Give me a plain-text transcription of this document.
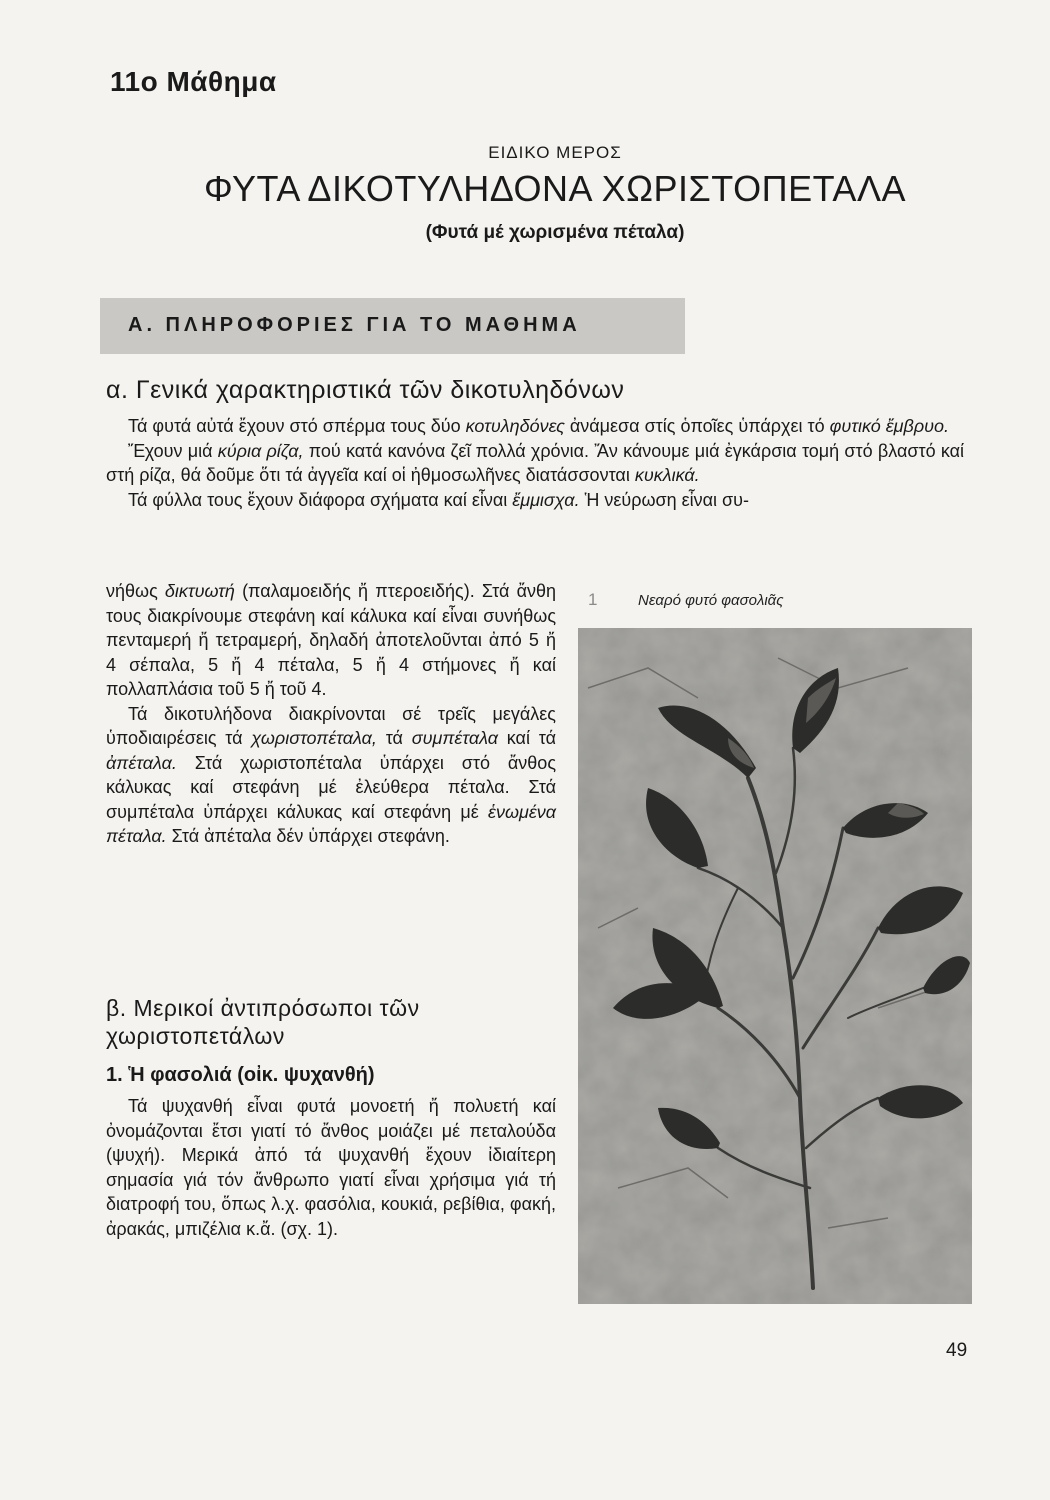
11ο Μάθημα
ΕΙΔΙΚΟ ΜΕΡΟΣ
ΦΥΤΑ ΔΙΚΟΤΥΛΗΔΟΝΑ ΧΩΡΙΣΤΟΠΕΤΑΛΑ
(Φυτά μέ χωρισμένα πέταλα)
Α. ΠΛΗΡΟΦΟΡΙΕΣ ΓΙΑ ΤΟ ΜΑΘΗΜΑ
α. Γενικά χαρακτηριστικά τῶν δικοτυληδόνων

Τά φυτά αὐτά ἔχουν στό σπέρμα τους δύο κοτυληδόνες ἀνάμεσα στίς ὁποῖες ὑπάρχει τό φυτικό ἔμβρυο.

Ἔχουν μιά κύρια ρίζα, πού κατά κανόνα ζεῖ πολλά χρόνια. Ἄν κάνουμε μιά ἐγκάρσια τομή στό βλαστό καί στή ρίζα, θά δοῦμε ὅτι τά ἀγγεῖα καί οἱ ἠθμοσωλῆνες διατάσσονται κυκλικά.

Τά φύλλα τους ἔχουν διάφορα σχήματα καί εἶναι ἔμμισχα. Ἡ νεύρωση εἶναι συ-

νήθως δικτυωτή (παλαμοειδής ἤ πτεροειδής). Στά ἄνθη τους διακρίνουμε στεφάνη καί κάλυκα καί εἶναι συνήθως πενταμερή ἤ τετραμερή, δηλαδή ἀποτελοῦνται ἀπό 5 ἤ 4 σέπαλα, 5 ἤ 4 πέταλα, 5 ἤ 4 στήμονες ἤ καί πολλαπλάσια τοῦ 5 ἤ τοῦ 4.

Τά δικοτυλήδονα διακρίνονται σέ τρεῖς μεγάλες ὑποδιαιρέσεις τά χωριστοπέταλα, τά συμπέταλα καί τά ἀπέταλα. Στά χωριστοπέταλα ὑπάρχει στό ἄνθος κάλυκας καί στεφάνη μέ ἐλεύθερα πέταλα. Στά συμπέταλα ὑπάρχει κάλυκας καί στεφάνη μέ ἑνωμένα πέταλα. Στά ἀπέταλα δέν ὑπάρχει στεφάνη.

β. Μερικοί ἀντιπρόσωποι τῶν χωριστοπετάλων
1. Ἡ φασολιά (οἰκ. ψυχανθή)

Τά ψυχανθή εἶναι φυτά μονοετή ἤ πολυετή καί ὀνομάζονται ἔτσι γιατί τό ἄνθος μοιάζει μέ πεταλούδα (ψυχή). Μερικά ἀπό τά ψυχανθή ἔχουν ἰδιαίτερη σημασία γιά τόν ἄνθρωπο γιατί εἶναι χρήσιμα γιά τή διατροφή του, ὅπως λ.χ. φασόλια, κουκιά, ρεβίθια, φακή, ἀρακάς, μπιζέλια κ.ἄ. (σχ. 1).

1	Νεαρό φυτό φασολιᾶς
49
